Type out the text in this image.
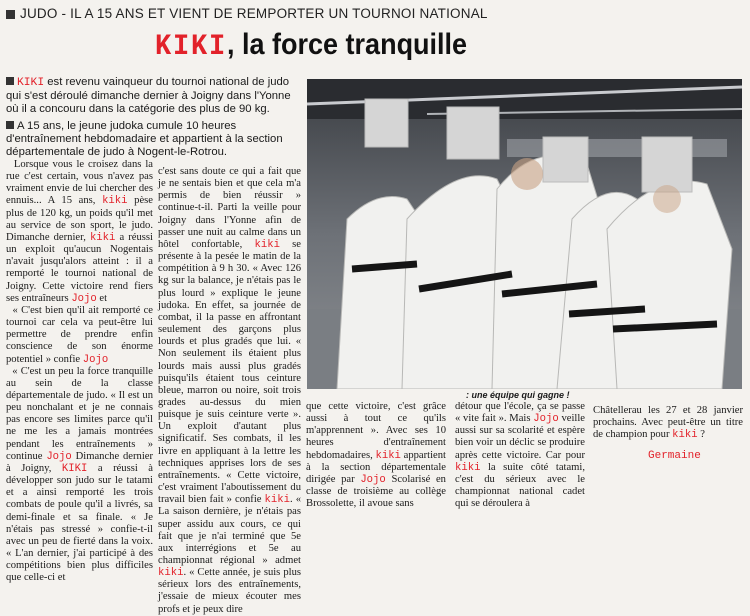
JUDO - IL A 15 ANS ET VIENT DE REMPORTER UN TOURNOI NATIONAL
KIKI, la force tranquille

KIKI est revenu vainqueur du tournoi national de judo qui s'est déroulé dimanche dernier à Joigny dans l'Yonne où il a concouru dans la catégorie des plus de 90 kg.

A 15 ans, le jeune judoka cumule 10 heures d'entraînement hebdomadaire et appartient à la section départementale de judo à Nogent-le-Rotrou.

Lorsque vous le croisez dans la rue c'est certain, vous n'avez pas vraiment envie de lui chercher des ennuis... A 15 ans, kiki pèse plus de 120 kg, un poids qu'il met au service de son sport, le judo. Dimanche dernier, kiki a réussi un exploit qu'aucun Nogentais n'avait jusqu'alors atteint : il a remporté le tournoi national de Joigny. Cette victoire rend fiers ses entraîneurs Jojo et

« C'est bien qu'il ait remporté ce tournoi car cela va peut-être lui permettre de prendre enfin conscience de son énorme potentiel » confie Jojo

« C'est un peu la force tranquille au sein de la classe départementale de judo. « Il est un peu nonchalant et je ne connais pas encore ses limites parce qu'il ne me les a jamais montrées pendant les entraînements » continue Jojo Dimanche dernier à Joigny, KIKI a réussi à développer son judo sur le tatami et a ainsi remporté les trois combats de poule qu'il a livrés, sa demi-finale et sa finale. « Je n'étais pas stressé » confie-t-il avec un peu de fierté dans la voix. « L'an dernier, j'ai participé à des compétitions bien plus difficiles que celle-ci et

c'est sans doute ce qui a fait que je ne sentais bien et que cela m'a permis de bien réussir » continue-t-il. Parti la veille pour Joigny dans l'Yonne afin de passer une nuit au calme dans un hôtel confortable, kiki se présente à la pesée le matin de la compétition à 9 h 30. « Avec 126 kg sur la balance, je n'étais pas le plus lourd » explique le jeune judoka. En effet, sa journée de combat, il la passe en affrontant seulement des garçons plus lourds et plus gradés que lui. « Non seulement ils étaient plus lourds mais aussi plus gradés puisqu'ils étaient tous ceinture bleue, marron ou noire, soit trois grades au-dessus du mien puisque je suis ceinture verte ». Un exploit d'autant plus significatif. Ses combats, il les livre en appliquant à la lettre les techniques apprises lors de ses entraînements. « Cette victoire, c'est vraiment l'aboutissement du travail bien fait » confie kiki. « La saison dernière, je n'étais pas super assidu aux cours, ce qui fait que je n'ai terminé que 5e aux interrégions et 5e au championnat régional » admet kiki. « Cette année, je suis plus sérieux lors des entraînements, j'essaie de mieux écouter mes profs et je peux dire

: une équipe qui gagne !

que cette victoire, c'est grâce aussi à tout ce qu'ils m'apprennent ». Avec ses 10 heures d'entraînement hebdomadaires, kiki appartient à la section départementale dirigée par Jojo Scolarisé en classe de troisième au collège Brossolette, il avoue sans

détour que l'école, ça se passe « vite fait ». Mais Jojo veille aussi sur sa scolarité et espère bien voir un déclic se produire après cette victoire. Car pour kiki la suite côté tatami, c'est du sérieux avec le championnat national cadet qui se déroulera à

Châtellerau les 27 et 28 janvier prochains. Avec peut-être un titre de champion pour kiki ?

Germaine
